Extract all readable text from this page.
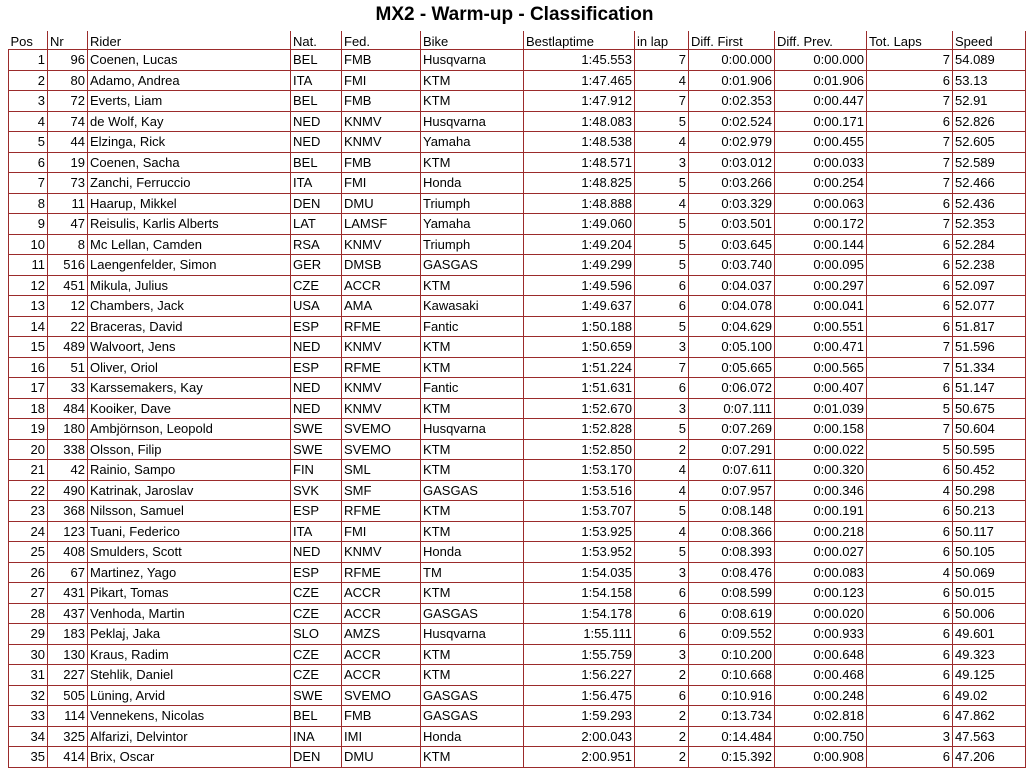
MX2 - Warm-up - Classification
Pos	Nr	Rider	Nat.	Fed.	Bike	Bestlaptime	in lap	Diff. First	Diff. Prev.	Tot. Laps	Speed
1	96	Coenen, Lucas	BEL	FMB	Husqvarna	1:45.553	7	0:00.000	0:00.000	7	54.089
2	80	Adamo, Andrea	ITA	FMI	KTM	1:47.465	4	0:01.906	0:01.906	6	53.13
3	72	Everts, Liam	BEL	FMB	KTM	1:47.912	7	0:02.353	0:00.447	7	52.91
4	74	de Wolf, Kay	NED	KNMV	Husqvarna	1:48.083	5	0:02.524	0:00.171	6	52.826
5	44	Elzinga, Rick	NED	KNMV	Yamaha	1:48.538	4	0:02.979	0:00.455	7	52.605
6	19	Coenen, Sacha	BEL	FMB	KTM	1:48.571	3	0:03.012	0:00.033	7	52.589
7	73	Zanchi, Ferruccio	ITA	FMI	Honda	1:48.825	5	0:03.266	0:00.254	7	52.466
8	11	Haarup, Mikkel	DEN	DMU	Triumph	1:48.888	4	0:03.329	0:00.063	6	52.436
9	47	Reisulis, Karlis Alberts	LAT	LAMSF	Yamaha	1:49.060	5	0:03.501	0:00.172	7	52.353
10	8	Mc Lellan, Camden	RSA	KNMV	Triumph	1:49.204	5	0:03.645	0:00.144	6	52.284
11	516	Laengenfelder, Simon	GER	DMSB	GASGAS	1:49.299	5	0:03.740	0:00.095	6	52.238
12	451	Mikula, Julius	CZE	ACCR	KTM	1:49.596	6	0:04.037	0:00.297	6	52.097
13	12	Chambers, Jack	USA	AMA	Kawasaki	1:49.637	6	0:04.078	0:00.041	6	52.077
14	22	Braceras, David	ESP	RFME	Fantic	1:50.188	5	0:04.629	0:00.551	6	51.817
15	489	Walvoort, Jens	NED	KNMV	KTM	1:50.659	3	0:05.100	0:00.471	7	51.596
16	51	Oliver, Oriol	ESP	RFME	KTM	1:51.224	7	0:05.665	0:00.565	7	51.334
17	33	Karssemakers, Kay	NED	KNMV	Fantic	1:51.631	6	0:06.072	0:00.407	6	51.147
18	484	Kooiker, Dave	NED	KNMV	KTM	1:52.670	3	0:07.111	0:01.039	5	50.675
19	180	Ambjörnson, Leopold	SWE	SVEMO	Husqvarna	1:52.828	5	0:07.269	0:00.158	7	50.604
20	338	Olsson, Filip	SWE	SVEMO	KTM	1:52.850	2	0:07.291	0:00.022	5	50.595
21	42	Rainio, Sampo	FIN	SML	KTM	1:53.170	4	0:07.611	0:00.320	6	50.452
22	490	Katrinak, Jaroslav	SVK	SMF	GASGAS	1:53.516	4	0:07.957	0:00.346	4	50.298
23	368	Nilsson, Samuel	ESP	RFME	KTM	1:53.707	5	0:08.148	0:00.191	6	50.213
24	123	Tuani, Federico	ITA	FMI	KTM	1:53.925	4	0:08.366	0:00.218	6	50.117
25	408	Smulders, Scott	NED	KNMV	Honda	1:53.952	5	0:08.393	0:00.027	6	50.105
26	67	Martinez, Yago	ESP	RFME	TM	1:54.035	3	0:08.476	0:00.083	4	50.069
27	431	Pikart, Tomas	CZE	ACCR	KTM	1:54.158	6	0:08.599	0:00.123	6	50.015
28	437	Venhoda, Martin	CZE	ACCR	GASGAS	1:54.178	6	0:08.619	0:00.020	6	50.006
29	183	Peklaj, Jaka	SLO	AMZS	Husqvarna	1:55.111	6	0:09.552	0:00.933	6	49.601
30	130	Kraus, Radim	CZE	ACCR	KTM	1:55.759	3	0:10.200	0:00.648	6	49.323
31	227	Stehlik, Daniel	CZE	ACCR	KTM	1:56.227	2	0:10.668	0:00.468	6	49.125
32	505	Lüning, Arvid	SWE	SVEMO	GASGAS	1:56.475	6	0:10.916	0:00.248	6	49.02
33	114	Vennekens, Nicolas	BEL	FMB	GASGAS	1:59.293	2	0:13.734	0:02.818	6	47.862
34	325	Alfarizi, Delvintor	INA	IMI	Honda	2:00.043	2	0:14.484	0:00.750	3	47.563
35	414	Brix, Oscar	DEN	DMU	KTM	2:00.951	2	0:15.392	0:00.908	6	47.206
